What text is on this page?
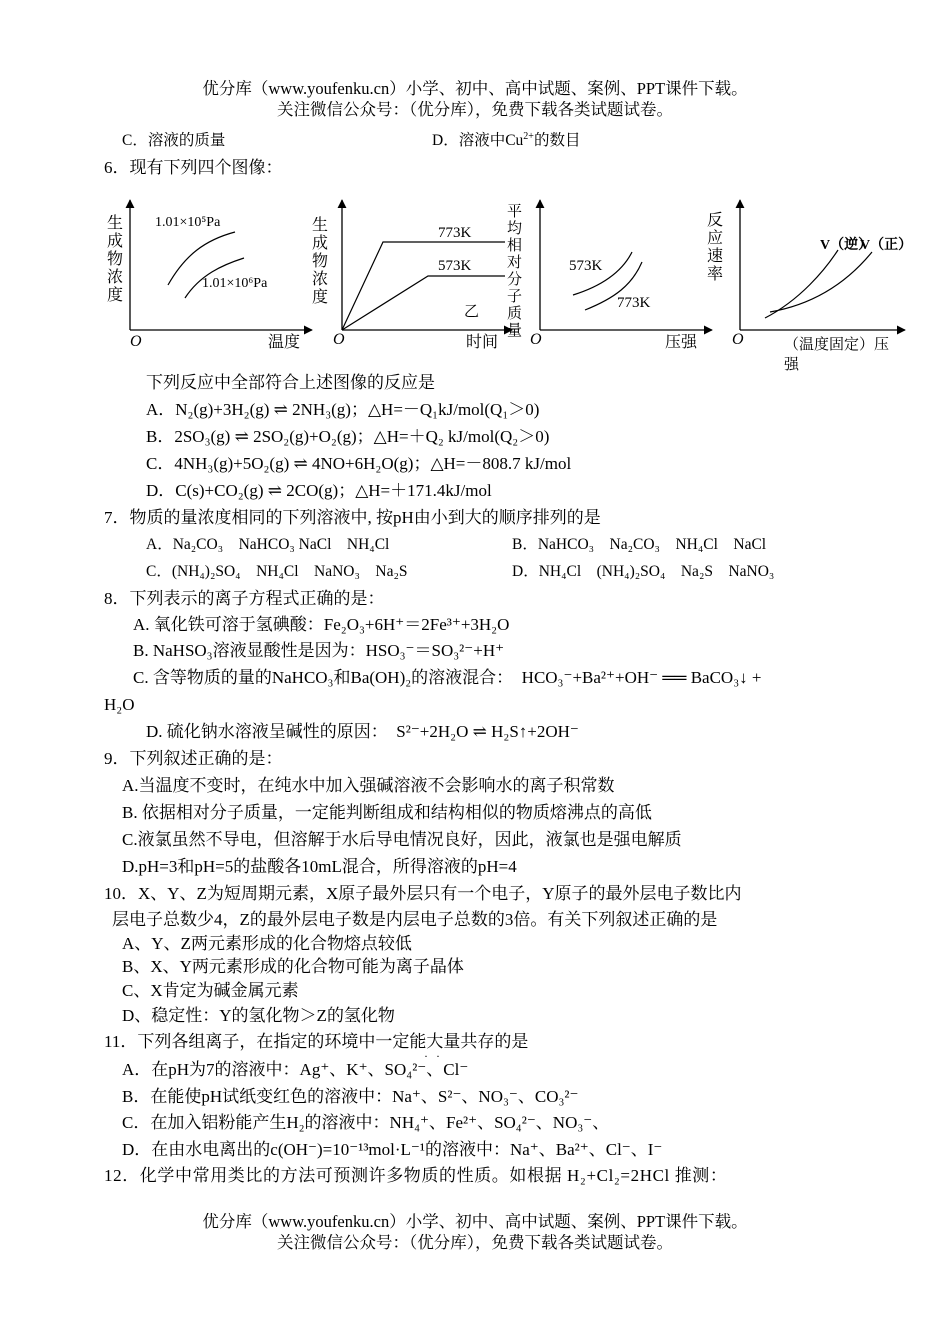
优分库（www.youfenku.cn）小学、初中、高中试题、案例、PPT课件下载。
关注微信公众号：（优分库），免费下载各类试题试卷。
C．溶液的质量	D．溶液中$Cu^{2+}$的数目
6．现有下列四个图像：
生
成
物
浓
度
O	温度
1.01×10⁵Pa
1.01×10⁶Pa
生
成
物
浓
度
O	时间
773K
573K
乙
平
均
相
对
分
子
质
量 O	压强
573K
773K
反
应
速
率
O	（温度固定）压
强
V（逆）
V（正）
下列反应中全部符合上述图像的反应是
A．N₂(g)+3H₂(g) ⇌ 2NH₃(g)；△H=－Q₁kJ/mol(Q₁＞0)
B．2SO₃(g) ⇌ 2SO₂(g)+O₂(g)；△H=＋Q₂ kJ/mol(Q₂＞0)
C．4NH₃(g)+5O₂(g) ⇌ 4NO+6H₂O(g)；△H=－808.7 kJ/mol
D．C(s)+CO₂(g) ⇌ 2CO(g)；△H=＋171.4kJ/mol
7．物质的量浓度相同的下列溶液中, 按pH由小到大的顺序排列的是
A．Na₂CO₃　NaHCO₃ NaCl　NH₄Cl	B．NaHCO₃　Na₂CO₃　NH₄Cl　NaCl
C．(NH₄)₂SO₄　NH₄Cl　NaNO₃　Na₂S	D．NH₄Cl　(NH₄)₂SO₄　Na₂S　NaNO₃
8．下列表示的离子方程式正确的是：
A. 氧化铁可溶于氢碘酸：Fe₂O₃+6H⁺＝2Fe³⁺+3H₂O
B. NaHSO₃溶液显酸性是因为：HSO₃⁻＝SO₃²⁻+H⁺
C. 含等物质的量的NaHCO₃和Ba(OH)₂的溶液混合：　HCO₃⁻+Ba²⁺+OH⁻ ══ BaCO₃↓ +
H₂O
D. 硫化钠水溶液呈碱性的原因：　S²⁻+2H₂O ⇌ H₂S↑+2OH⁻
9．下列叙述正确的是：
A.当温度不变时，在纯水中加入强碱溶液不会影响水的离子积常数
B. 依据相对分子质量，一定能判断组成和结构相似的物质熔沸点的高低
C.液氯虽然不导电，但溶解于水后导电情况良好，因此，液氯也是强电解质
D.pH=3和pH=5的盐酸各10mL混合，所得溶液的pH=4
10．X、Y、Z为短周期元素，X原子最外层只有一个电子，Y原子的最外层电子数比内
层电子总数少4，Z的最外层电子数是内层电子总数的3倍。有关下列叙述正确的是
A、Y、Z两元素形成的化合物熔点较低
B、X、Y两元素形成的化合物可能为离子晶体
C、X肯定为碱金属元素
D、稳定性：Y的氢化物＞Z的氢化物
11．下列各组离子，在指定的环境中一定能大量共存的是
··
A．在pH为7的溶液中：Ag⁺、K⁺、SO₄²⁻、Cl⁻
B．在能使pH试纸变红色的溶液中：Na⁺、S²⁻、NO₃⁻、CO₃²⁻
C．在加入铝粉能产生H₂的溶液中：NH₄⁺、Fe²⁺、SO₄²⁻、NO₃⁻、
D．在由水电离出的c(OH⁻)=10⁻¹³mol·L⁻¹的溶液中：Na⁺、Ba²⁺、Cl⁻、I⁻
12．化学中常用类比的方法可预测许多物质的性质。如根据 H₂+Cl₂=2HCl 推测：
优分库（www.youfenku.cn）小学、初中、高中试题、案例、PPT课件下载。
关注微信公众号：（优分库），免费下载各类试题试卷。
